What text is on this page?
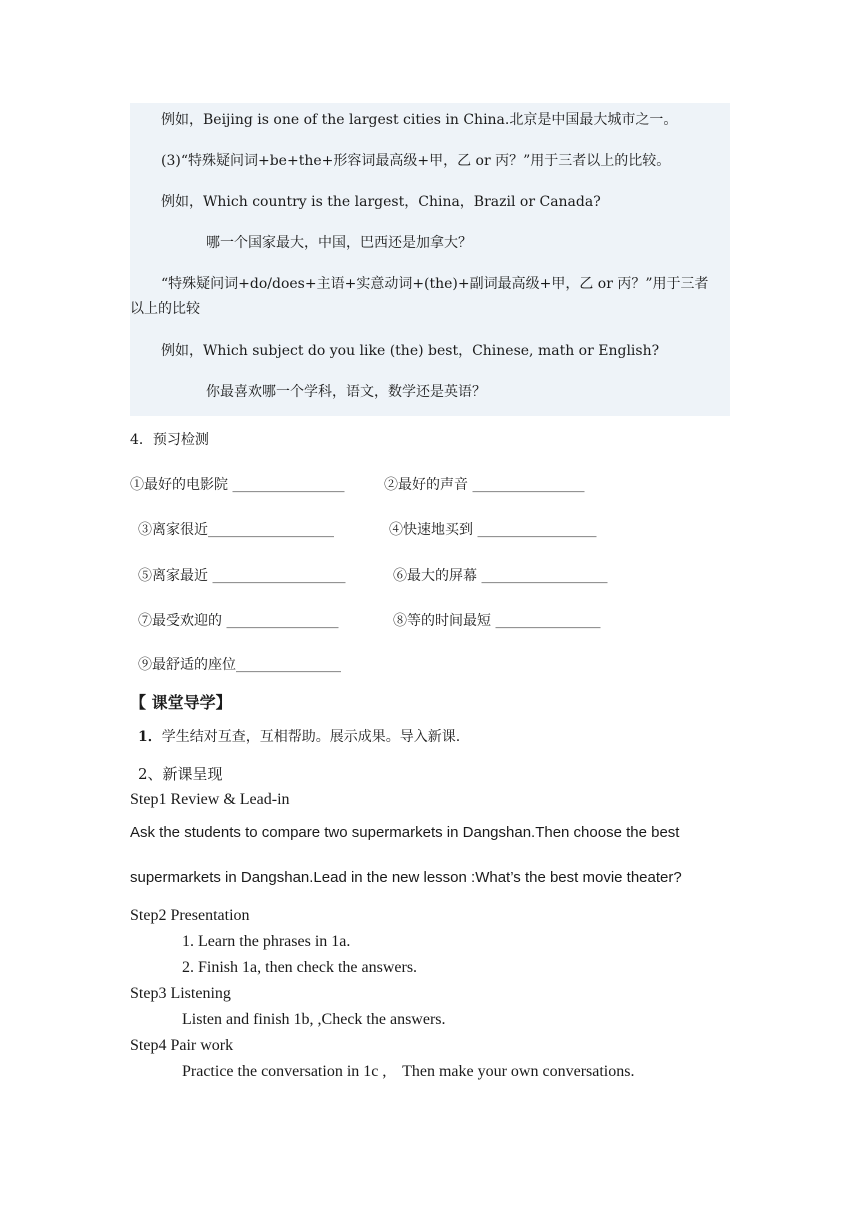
例如，Beijing is one of the largest cities in China.北京是中国最大城市之一。
(3)“特殊疑问词+be+the+形容词最高级+甲，乙 or 丙？”用于三者以上的比较。
例如，Which country is the largest，China，Brazil or Canada?
哪一个国家最大，中国，巴西还是加拿大？
“特殊疑问词+do/does+主语+实意动词+(the)+副词最高级+甲，乙 or 丙？”用于三者
以上的比较
例如，Which subject do you like (the) best，Chinese, math or English?
你最喜欢哪一个学科，语文，数学还是英语？
4．预习检测
①最好的电影院 ________________	②最好的声音 ________________
③离家很近__________________	④快速地买到 _________________
⑤离家最近 ___________________	⑥最大的屏幕 __________________
⑦最受欢迎的 ________________	⑧等的时间最短 _______________
⑨最舒适的座位_______________
【 课堂导学】
1．学生结对互查，互相帮助。展示成果。导入新课.
2、新课呈现
Step1 Review & Lead-in
Ask the students to compare two supermarkets in Dangshan.Then choose the best
supermarkets in Dangshan.Lead in the new lesson :What’s the best movie theater?
Step2 Presentation
1. Learn the phrases in 1a.
2. Finish 1a, then check the answers.
Step3 Listening
Listen and finish 1b, ,Check the answers.
Step4 Pair work
Practice the conversation in 1c ,    Then make your own conversations.
